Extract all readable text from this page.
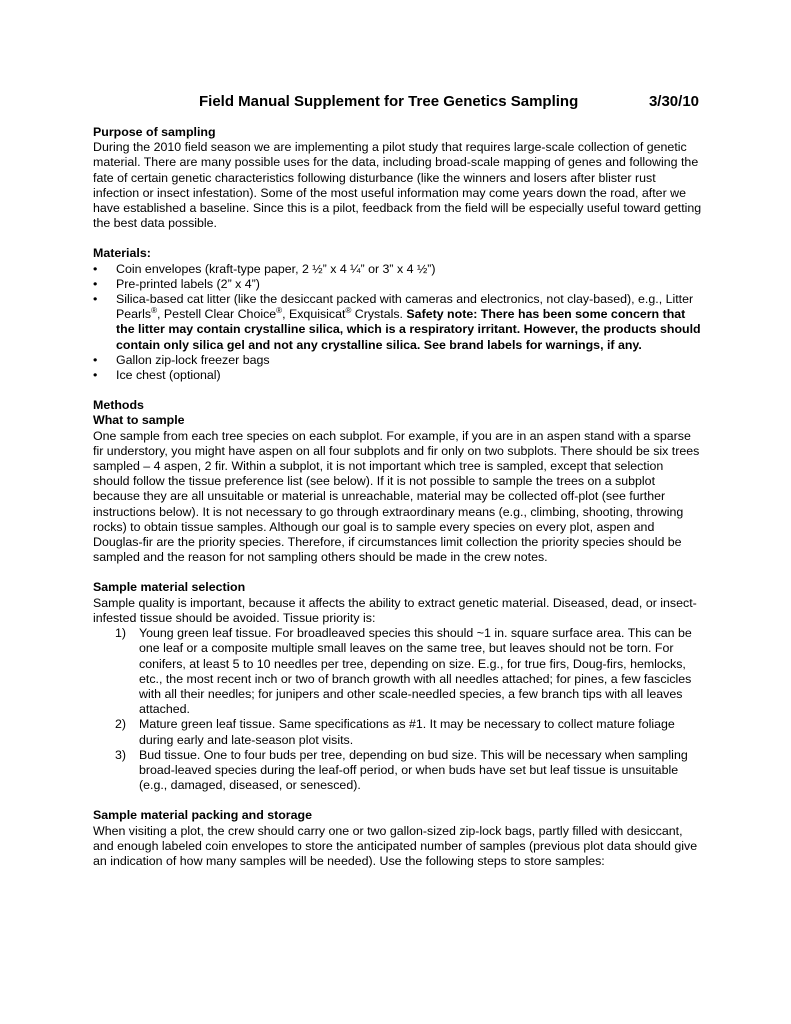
Field Manual Supplement for Tree Genetics Sampling	3/30/10
Purpose of sampling

During the 2010 field season we are implementing a pilot study that requires large-scale collection of genetic material. There are many possible uses for the data, including broad-scale mapping of genes and following the fate of certain genetic characteristics following disturbance (like the winners and losers after blister rust infection or insect infestation). Some of the most useful information may come years down the road, after we have established a baseline. Since this is a pilot, feedback from the field will be especially useful toward getting the best data possible.

Materials:
• Coin envelopes (kraft-type paper, 2 ½” x 4 ¼” or 3” x 4 ½”)
• Pre-printed labels (2” x 4”)
• Silica-based cat litter (like the desiccant packed with cameras and electronics, not clay-based), e.g., Litter Pearls®, Pestell Clear Choice®, Exquisicat® Crystals. Safety note: There has been some concern that the litter may contain crystalline silica, which is a respiratory irritant. However, the products should contain only silica gel and not any crystalline silica. See brand labels for warnings, if any.
• Gallon zip-lock freezer bags
• Ice chest (optional)
Methods
What to sample

One sample from each tree species on each subplot. For example, if you are in an aspen stand with a sparse fir understory, you might have aspen on all four subplots and fir only on two subplots. There should be six trees sampled – 4 aspen, 2 fir. Within a subplot, it is not important which tree is sampled, except that selection should follow the tissue preference list (see below). If it is not possible to sample the trees on a subplot because they are all unsuitable or material is unreachable, material may be collected off-plot (see further instructions below). It is not necessary to go through extraordinary means (e.g., climbing, shooting, throwing rocks) to obtain tissue samples. Although our goal is to sample every species on every plot, aspen and Douglas-fir are the priority species. Therefore, if circumstances limit collection the priority species should be sampled and the reason for not sampling others should be made in the crew notes.

Sample material selection

Sample quality is important, because it affects the ability to extract genetic material. Diseased, dead, or insect-infested tissue should be avoided. Tissue priority is:

1) Young green leaf tissue. For broadleaved species this should ~1 in. square surface area. This can be one leaf or a composite multiple small leaves on the same tree, but leaves should not be torn. For conifers, at least 5 to 10 needles per tree, depending on size. E.g., for true firs, Doug-firs, hemlocks, etc., the most recent inch or two of branch growth with all needles attached; for pines, a few fascicles with all their needles; for junipers and other scale-needled species, a few branch tips with all leaves attached.
2) Mature green leaf tissue. Same specifications as #1. It may be necessary to collect mature foliage during early and late-season plot visits.
3) Bud tissue. One to four buds per tree, depending on bud size. This will be necessary when sampling broad-leaved species during the leaf-off period, or when buds have set but leaf tissue is unsuitable (e.g., damaged, diseased, or senesced).
Sample material packing and storage

When visiting a plot, the crew should carry one or two gallon-sized zip-lock bags, partly filled with desiccant, and enough labeled coin envelopes to store the anticipated number of samples (previous plot data should give an indication of how many samples will be needed). Use the following steps to store samples:
